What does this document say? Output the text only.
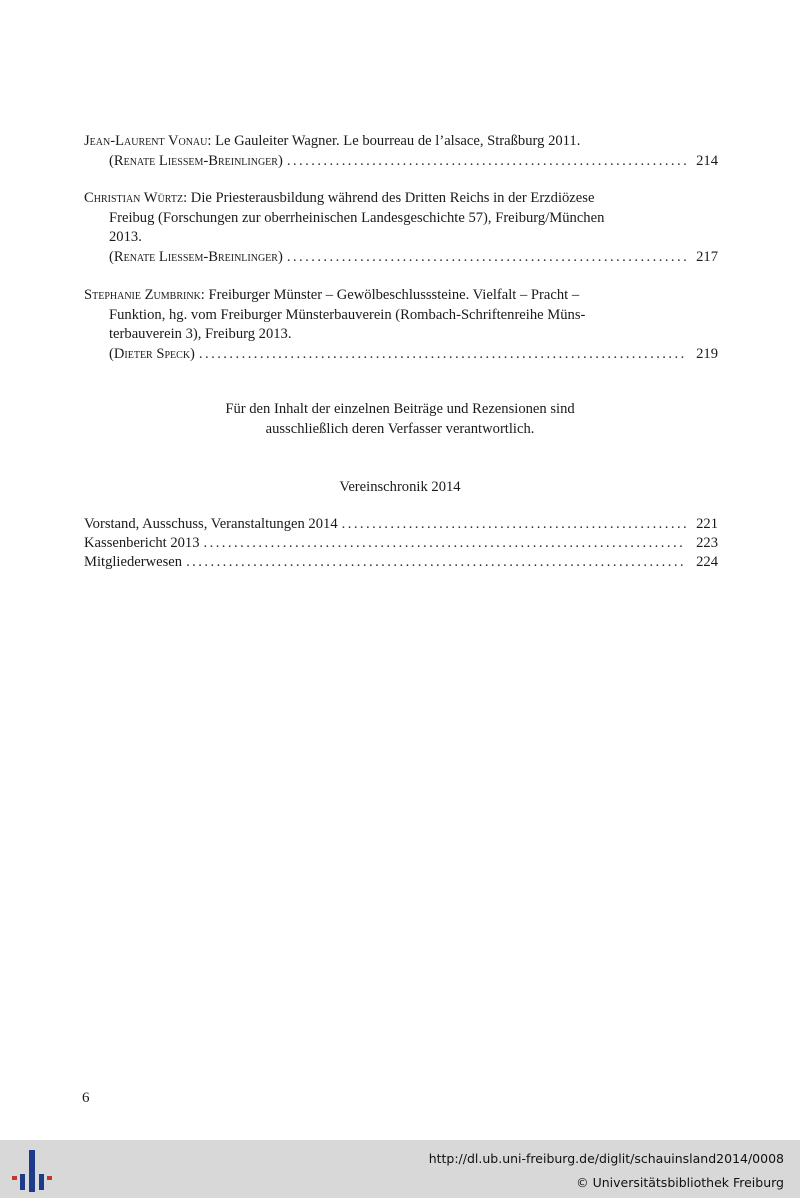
Jean-Laurent Vonau: Le Gauleiter Wagner. Le bourreau de l’alsace, Straßburg 2011.
(Renate Liessem-Breinlinger) . . .	214
Christian Würtz: Die Priesterausbildung während des Dritten Reichs in der Erzdiözese
Freibug (Forschungen zur oberrheinischen Landesgeschichte 57), Freiburg/München
2013.
(Renate Liessem-Breinlinger) . . .	217
Stephanie Zumbrink: Freiburger Münster – Gewölbeschlusssteine. Vielfalt – Pracht –
Funktion, hg. vom Freiburger Münsterbauverein (Rombach-Schriftenreihe Müns-
terbauverein 3), Freiburg 2013.
(Dieter Speck) . . .	219
Für den Inhalt der einzelnen Beiträge und Rezensionen sind
ausschließlich deren Verfasser verantwortlich.
Vereinschronik 2014
Vorstand, Ausschuss, Veranstaltungen 2014 . . .	221
Kassenbericht 2013 . . .	223
Mitgliederwesen . . .	224
6
http://dl.ub.uni-freiburg.de/diglit/schauinsland2014/0008
© Universitätsbibliothek Freiburg
